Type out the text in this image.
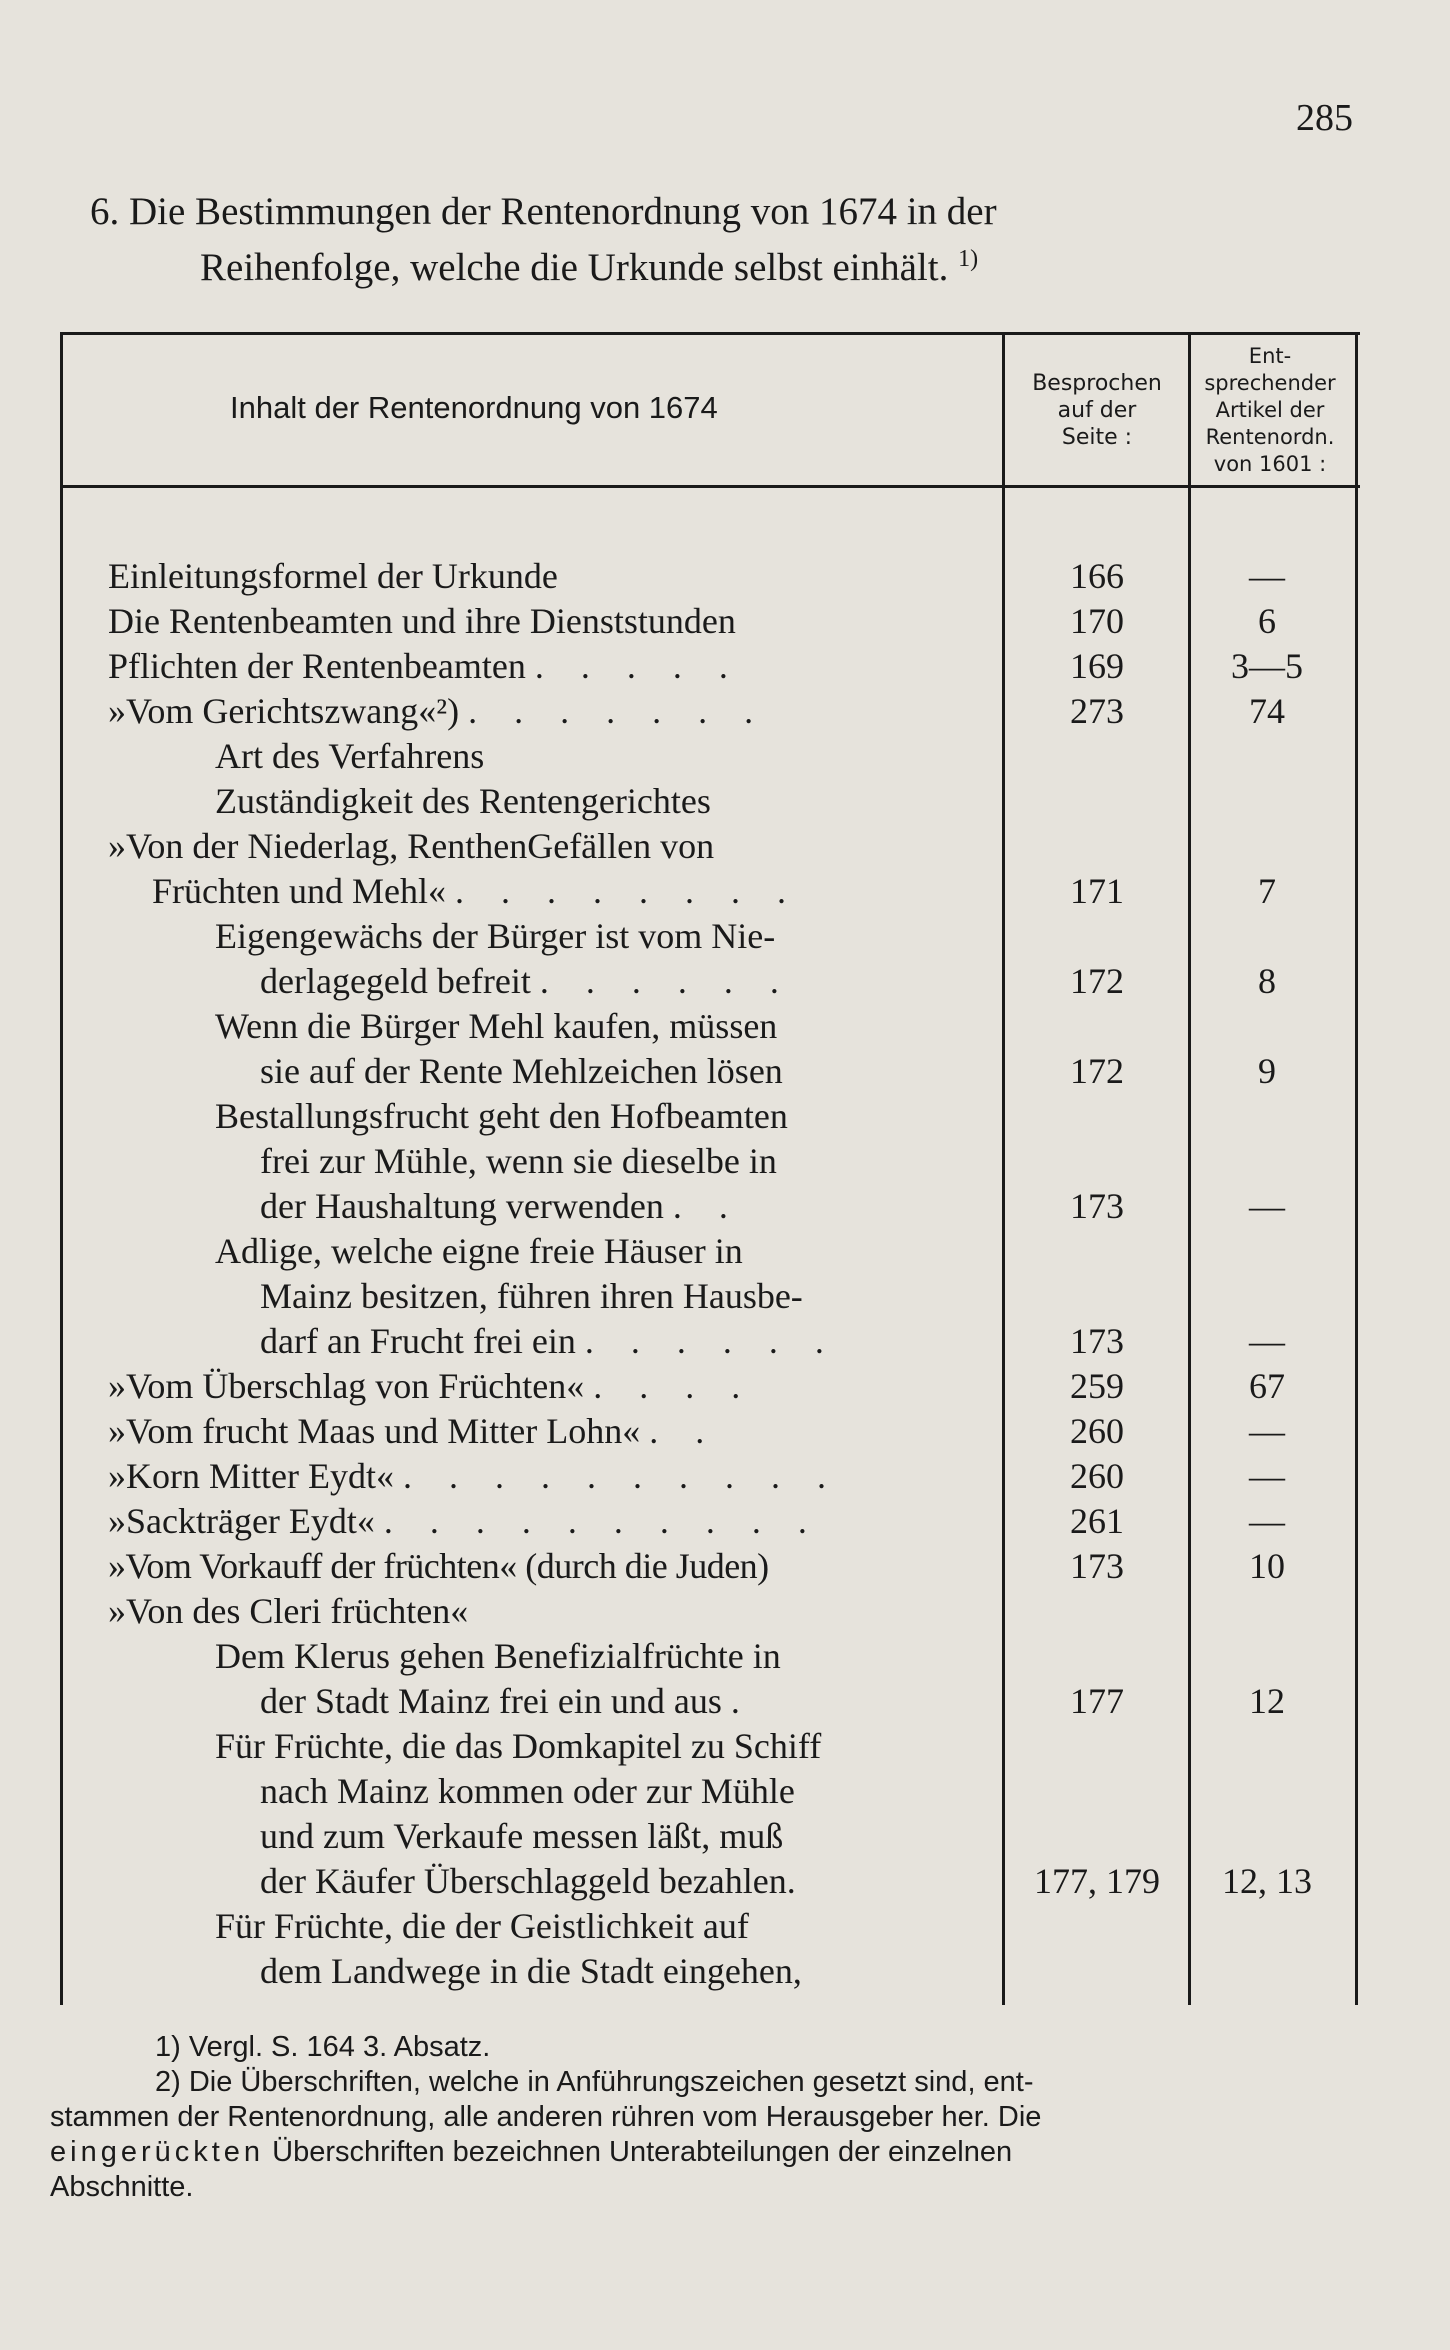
285
6. Die Bestimmungen der Rentenordnung von 1674 in der
Reihenfolge, welche die Urkunde selbst einhält. $^{1)}$
Inhalt der Rentenordnung von 1674
Besprochen
auf der
Seite :
Ent-
sprechender
Artikel der
Rentenordn.
von 1601 :
Einleitungsformel der Urkunde	166	—
Die Rentenbeamten und ihre Dienststunden	170	6
Pflichten der Rentenbeamten . . . . .	169	3—5
»Vom Gerichtszwang«²) . . . . . . .	273	74
Art des Verfahrens
Zuständigkeit des Rentengerichtes
»Von der Niederlag, RenthenGefällen von
Früchten und Mehl« . . . . . . . .	171	7
Eigengewächs der Bürger ist vom Nie-
derlagegeld befreit . . . . . .	172	8
Wenn die Bürger Mehl kaufen, müssen
sie auf der Rente Mehlzeichen lösen	172	9
Bestallungsfrucht geht den Hofbeamten
frei zur Mühle, wenn sie dieselbe in
der Haushaltung verwenden . .	173	—
Adlige, welche eigne freie Häuser in
Mainz besitzen, führen ihren Hausbe-
darf an Frucht frei ein . . . . . .	173	—
»Vom Überschlag von Früchten« . . . .	259	67
»Vom frucht Maas und Mitter Lohn« . .	260	—
»Korn Mitter Eydt« . . . . . . . . . .	260	—
»Sackträger Eydt« . . . . . . . . . .	261	—
»Vom Vorkauff der früchten« (durch die Juden)	173	10
»Von des Cleri früchten«
Dem Klerus gehen Benefizialfrüchte in
der Stadt Mainz frei ein und aus .	177	12
Für Früchte, die das Domkapitel zu Schiff
nach Mainz kommen oder zur Mühle
und zum Verkaufe messen läßt, muß
der Käufer Überschlaggeld bezahlen.	177, 179	12, 13
Für Früchte, die der Geistlichkeit auf
dem Landwege in die Stadt eingehen,
1) Vergl. S. 164 3. Absatz.
2) Die Überschriften, welche in Anführungszeichen gesetzt sind, ent-
stammen der Rentenordnung, alle anderen rühren vom Herausgeber her. Die
eingerückten Überschriften bezeichnen Unterabteilungen der einzelnen
Abschnitte.
